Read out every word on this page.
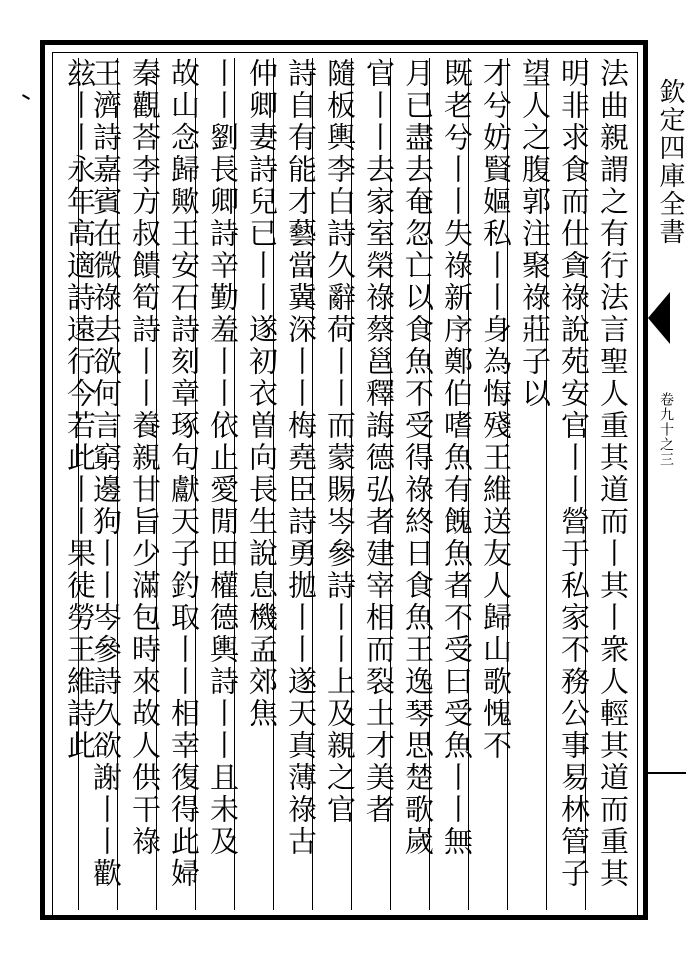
欽定四庫全書
卷九十之三
法曲親謂之有行法言聖人重其道而丨其丨衆人輕其道而重其
明非求食而仕貪祿說苑安官丨丨營于私家不務公事易林管子
望人之腹郭注聚祿莊子以
才兮妨賢嫗私丨丨身為悔殘王維送友人歸山歌愧不
既老兮丨丨失祿新序鄭伯嗜魚有餽魚者不受曰受魚丨丨無
月已盡去奄忽亡以食魚不受得祿終日食魚王逸琴思楚歌嵗
官丨丨去家室榮祿蔡邕釋誨德弘者建宰相而裂土才美者
隨板輿李白詩久辭荷丨丨而蒙賜岑參詩丨丨上及親之官
詩自有能才藝當冀深丨丨梅堯臣詩勇拋丨丨遂天真薄祿古
仲卿妻詩兒已丨丨遂初衣曽向長生說息機孟郊焦
丨丨劉長卿詩辛勤羞丨丨依止愛閒田權德輿詩丨丨且未及
故山念歸歟王安石詩刻章琢句獻天子釣取丨丨相幸復得此婦
秦觀荅李方叔饋筍詩丨丨養親甘旨少滿包時來故人供干祿
王濟詩嘉賓在微祿去欲何言窮邊狗丨丨岑參詩久欲謝丨丨歡
玆丨丨永年高適詩遠行今若此丨丨果徒勞王維詩此
